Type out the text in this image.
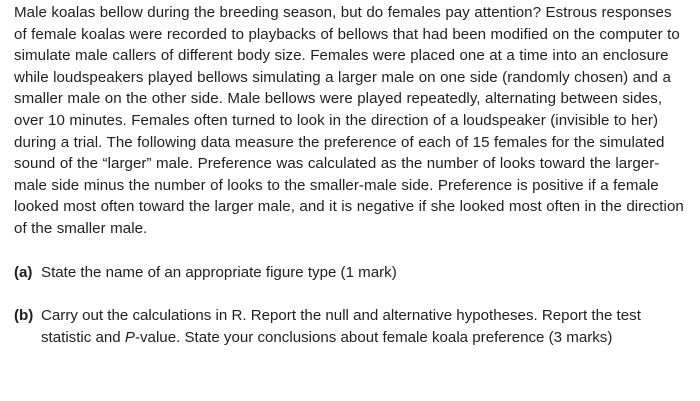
Male koalas bellow during the breeding season, but do females pay attention? Estrous responses of female koalas were recorded to playbacks of bellows that had been modified on the computer to simulate male callers of different body size. Females were placed one at a time into an enclosure while loudspeakers played bellows simulating a larger male on one side (randomly chosen) and a smaller male on the other side. Male bellows were played repeatedly, alternating between sides, over 10 minutes. Females often turned to look in the direction of a loudspeaker (invisible to her) during a trial. The following data measure the preference of each of 15 females for the simulated sound of the “larger” male. Preference was calculated as the number of looks toward the larger-male side minus the number of looks to the smaller-male side. Preference is positive if a female looked most often toward the larger male, and it is negative if she looked most often in the direction of the smaller male.

(a) State the name of an appropriate figure type (1 mark)
(b) Carry out the calculations in R. Report the null and alternative hypotheses. Report the test statistic and P-value. State your conclusions about female koala preference (3 marks)
